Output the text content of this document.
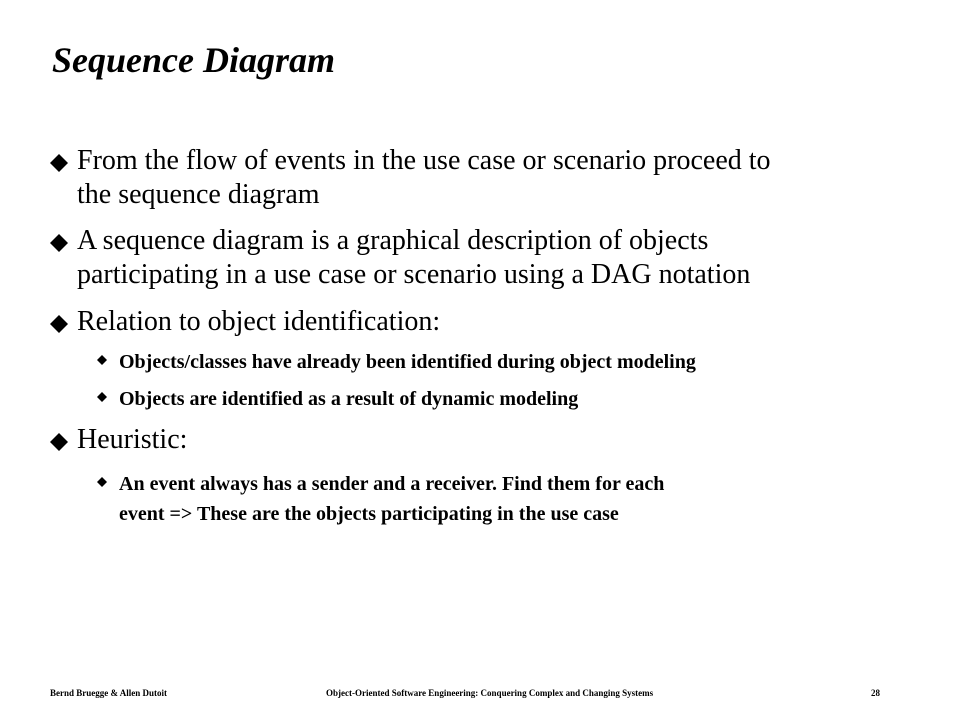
Sequence Diagram
From the flow of events in the use case or scenario proceed to
the sequence diagram
A sequence diagram is a graphical description of objects
participating in a use case or scenario using a DAG notation
Relation to object identification:
Objects/classes have already been identified during object modeling
Objects are identified as a result of dynamic modeling
Heuristic:
An event always has a sender and a receiver. Find them for each
event => These are the objects participating in the use case
Bernd Bruegge & Allen Dutoit	Object-Oriented Software Engineering: Conquering Complex and Changing Systems	28
